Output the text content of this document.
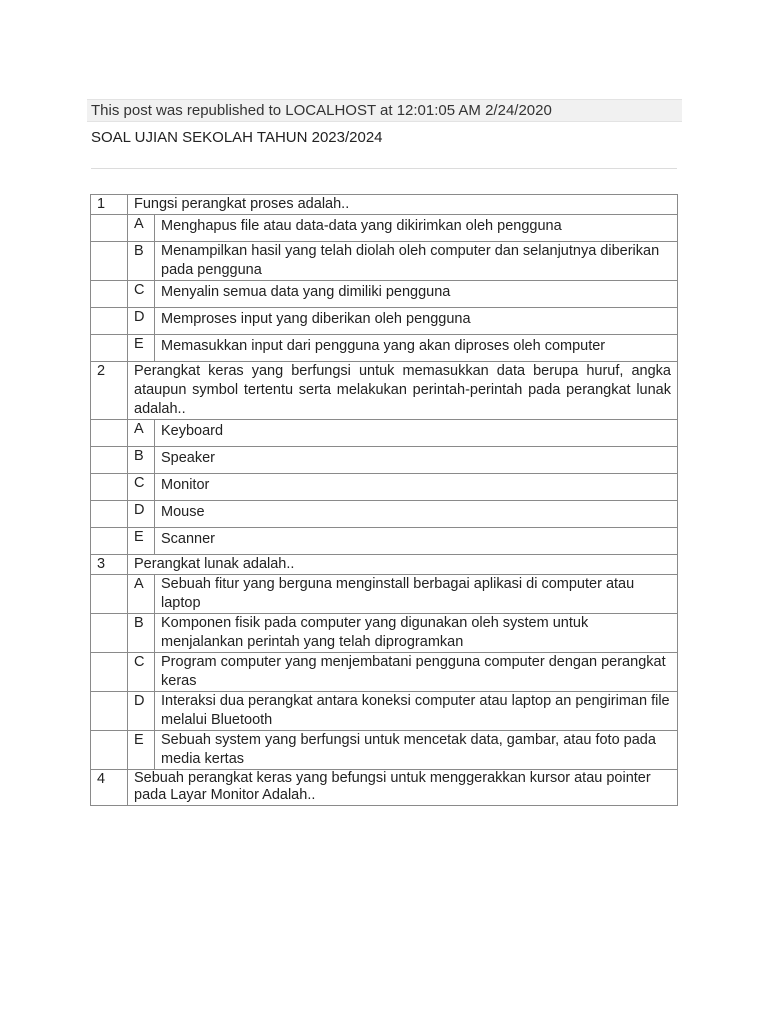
This post was republished to LOCALHOST at 12:01:05 AM 2/24/2020
SOAL UJIAN SEKOLAH TAHUN 2023/2024
1	Fungsi perangkat proses adalah..	
	A	Menghapus file atau data-data yang dikirimkan oleh pengguna
	B	Menampilkan hasil yang telah diolah oleh computer dan selanjutnya diberikan pada pengguna
	C	Menyalin semua data yang dimiliki pengguna
	D	Memproses input yang diberikan oleh pengguna
	E	Memasukkan input dari pengguna yang akan diproses oleh computer
2	Perangkat keras yang berfungsi untuk memasukkan data berupa huruf, angka ataupun symbol tertentu serta melakukan perintah-perintah pada perangkat lunak adalah..	
	A	Keyboard
	B	Speaker
	C	Monitor
	D	Mouse
	E	Scanner
3	Perangkat lunak adalah..	
	A	Sebuah fitur yang berguna menginstall berbagai aplikasi di computer atau laptop
	B	Komponen fisik pada computer yang digunakan oleh system untuk menjalankan perintah yang telah diprogramkan
	C	Program computer yang menjembatani pengguna computer dengan perangkat keras
	D	Interaksi dua perangkat antara koneksi computer atau laptop an pengiriman file melalui Bluetooth
	E	Sebuah system yang berfungsi untuk mencetak data, gambar, atau foto pada media kertas
4	Sebuah perangkat keras yang befungsi untuk menggerakkan kursor atau pointer pada Layar Monitor Adalah..	
